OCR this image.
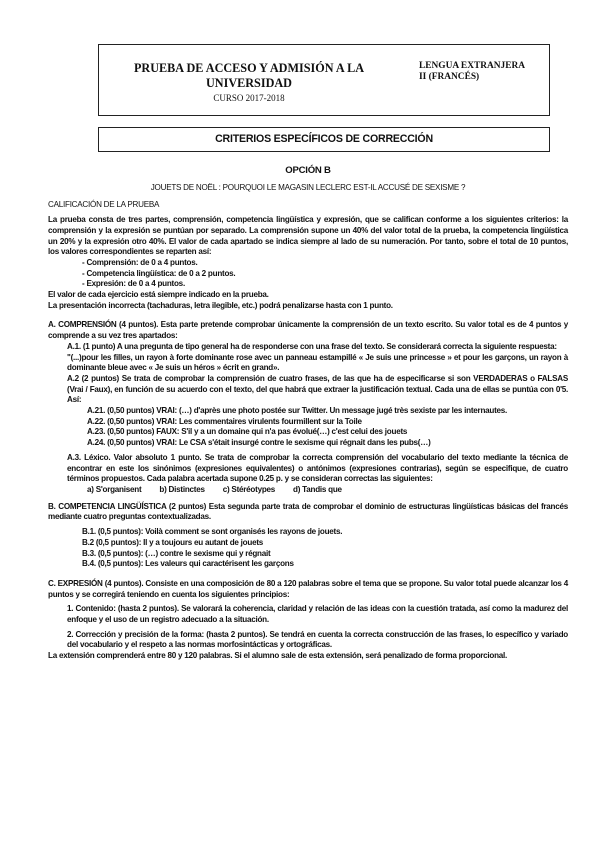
PRUEBA DE ACCESO Y ADMISIÓN A LA
UNIVERSIDAD
CURSO 2017-2018
LENGUA EXTRANJERA
II (FRANCÉS)
CRITERIOS ESPECÍFICOS DE CORRECCIÓN
OPCIÓN B
JOUETS DE NOËL : POURQUOI LE MAGASIN LECLERC EST-IL ACCUSÉ DE SEXISME ?

CALIFICACIÓN DE LA PRUEBA

La prueba consta de tres partes, comprensión, competencia lingüística y expresión, que se califican conforme a los siguientes criterios: la comprensión y la expresión se puntúan por separado. La comprensión supone un 40% del valor total de la prueba, la competencia lingüística un 20% y la expresión otro 40%. El valor de cada apartado se indica siempre al lado de su numeración. Por tanto, sobre el total de 10 puntos, los valores correspondientes se reparten así:

- Comprensión: de 0 a 4 puntos.

- Competencia lingüística: de 0 a 2 puntos.

- Expresión: de 0 a 4 puntos.

El valor de cada ejercicio está siempre indicado en la prueba.

La presentación incorrecta (tachaduras, letra ilegible, etc.) podrá penalizarse hasta con 1 punto.

A. COMPRENSIÓN (4 puntos). Esta parte pretende comprobar únicamente la comprensión de un texto escrito. Su valor total es de 4 puntos y comprende a su vez tres apartados:

A.1. (1 punto) A una pregunta de tipo general ha de responderse con una frase del texto. Se considerará correcta la siguiente respuesta:

"(...)pour les filles, un rayon à forte dominante rose avec un panneau estampillé « Je suis une princesse » et pour les garçons, un rayon à dominante bleue avec « Je suis un héros » écrit en grand».

A.2 (2 puntos) Se trata de comprobar la comprensión de cuatro frases, de las que ha de especificarse si son VERDADERAS o FALSAS (Vrai / Faux), en función de su acuerdo con el texto, del que habrá que extraer la justificación textual. Cada una de ellas se puntúa con 0'5. Así:

A.21. (0,50 puntos) VRAI: (…) d'après une photo postée sur Twitter. Un message jugé très sexiste par les internautes.

A.22. (0,50 puntos) VRAI: Les commentaires virulents fourmillent sur la Toile

A.23. (0,50 puntos) FAUX: S'il y a un domaine qui n'a pas évolué(…) c'est celui des jouets

A.24. (0,50 puntos) VRAI: Le CSA s'était insurgé contre le sexisme qui régnait dans les pubs(…)

A.3. Léxico. Valor absoluto 1 punto. Se trata de comprobar la correcta comprensión del vocabulario del texto mediante la técnica de encontrar en este los sinónimos (expresiones equivalentes) o antónimos (expresiones contrarias), según se especifique, de cuatro términos propuestos. Cada palabra acertada supone 0.25 p. y se consideran correctas las siguientes:

a) S'organisent b) Distinctes c) Stéréotypes d) Tandis que

B. COMPETENCIA LINGÜÍSTICA (2 puntos) Esta segunda parte trata de comprobar el dominio de estructuras lingüísticas básicas del francés mediante cuatro preguntas contextualizadas.

B.1. (0,5 puntos): Voilà comment se sont organisés les rayons de jouets.

B.2 (0,5 puntos): Il y a toujours eu autant de jouets

B.3. (0,5 puntos): (…) contre le sexisme qui y régnait

B.4. (0,5 puntos): Les valeurs qui caractérisent les garçons

C. EXPRESIÓN (4 puntos). Consiste en una composición de 80 a 120 palabras sobre el tema que se propone. Su valor total puede alcanzar los 4 puntos y se corregirá teniendo en cuenta los siguientes principios:

1. Contenido: (hasta 2 puntos). Se valorará la coherencia, claridad y relación de las ideas con la cuestión tratada, así como la madurez del enfoque y el uso de un registro adecuado a la situación.

2. Corrección y precisión de la forma: (hasta 2 puntos). Se tendrá en cuenta la correcta construcción de las frases, lo específico y variado del vocabulario y el respeto a las normas morfosintácticas y ortográficas.

La extensión comprenderá entre 80 y 120 palabras. Si el alumno sale de esta extensión, será penalizado de forma proporcional.
